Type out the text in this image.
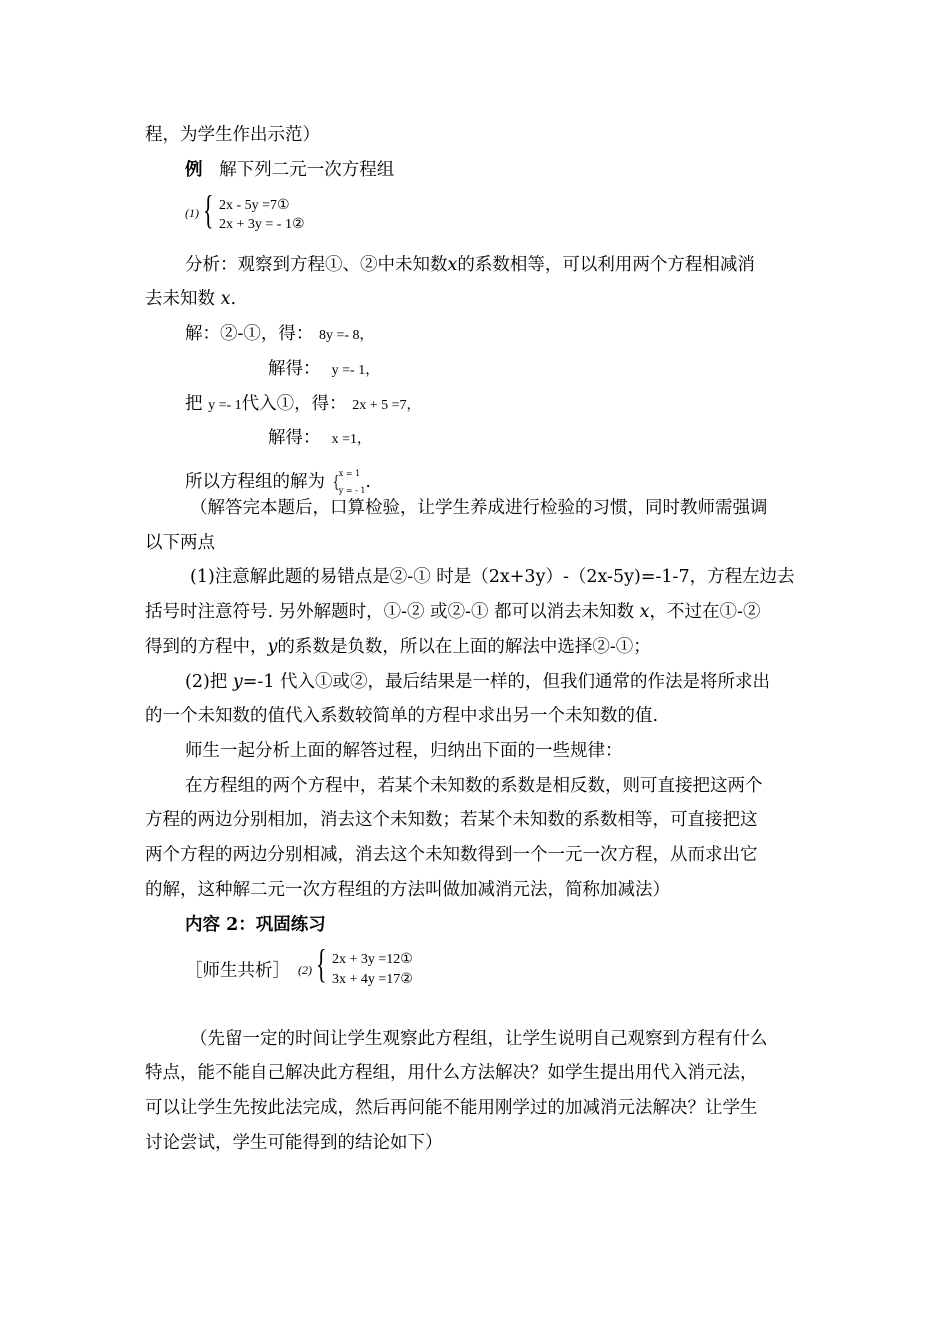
程，为学生作出示范）
例 解下列二元一次方程组
(1) { 2x - 5y =7①
2x + 3y = - 1②
分析：观察到方程①、②中未知数x的系数相等，可以利用两个方程相减消
去未知数 x.
解：②-①，得： 8y =- 8，
解得： y =- 1，
把 y =- 1代入①，得： 2x + 5 =7，
解得： x =1，
所以方程组的解为 {x = 1
y = - 1.
（解答完本题后，口算检验，让学生养成进行检验的习惯，同时教师需强调
以下两点
(1)注意解此题的易错点是②-① 时是（2x+3y）-（2x-5y)=-1-7，方程左边去
括号时注意符号. 另外解题时，①-② 或②-① 都可以消去未知数 x，不过在①-②
得到的方程中，y的系数是负数，所以在上面的解法中选择②-①；
(2)把 y=-1 代入①或②，最后结果是一样的，但我们通常的作法是将所求出
的一个未知数的值代入系数较简单的方程中求出另一个未知数的值.
师生一起分析上面的解答过程，归纳出下面的一些规律：
在方程组的两个方程中，若某个未知数的系数是相反数，则可直接把这两个
方程的两边分别相加，消去这个未知数；若某个未知数的系数相等，可直接把这
两个方程的两边分别相减，消去这个未知数得到一个一元一次方程，从而求出它
的解，这种解二元一次方程组的方法叫做加减消元法，简称加减法）
内容 2：巩固练习
［师生共析］ (2) { 2x + 3y =12①
3x + 4y =17②
（先留一定的时间让学生观察此方程组，让学生说明自己观察到方程有什么
特点，能不能自己解决此方程组，用什么方法解决？如学生提出用代入消元法，
可以让学生先按此法完成，然后再问能不能用刚学过的加减消元法解决？让学生
讨论尝试，学生可能得到的结论如下）
